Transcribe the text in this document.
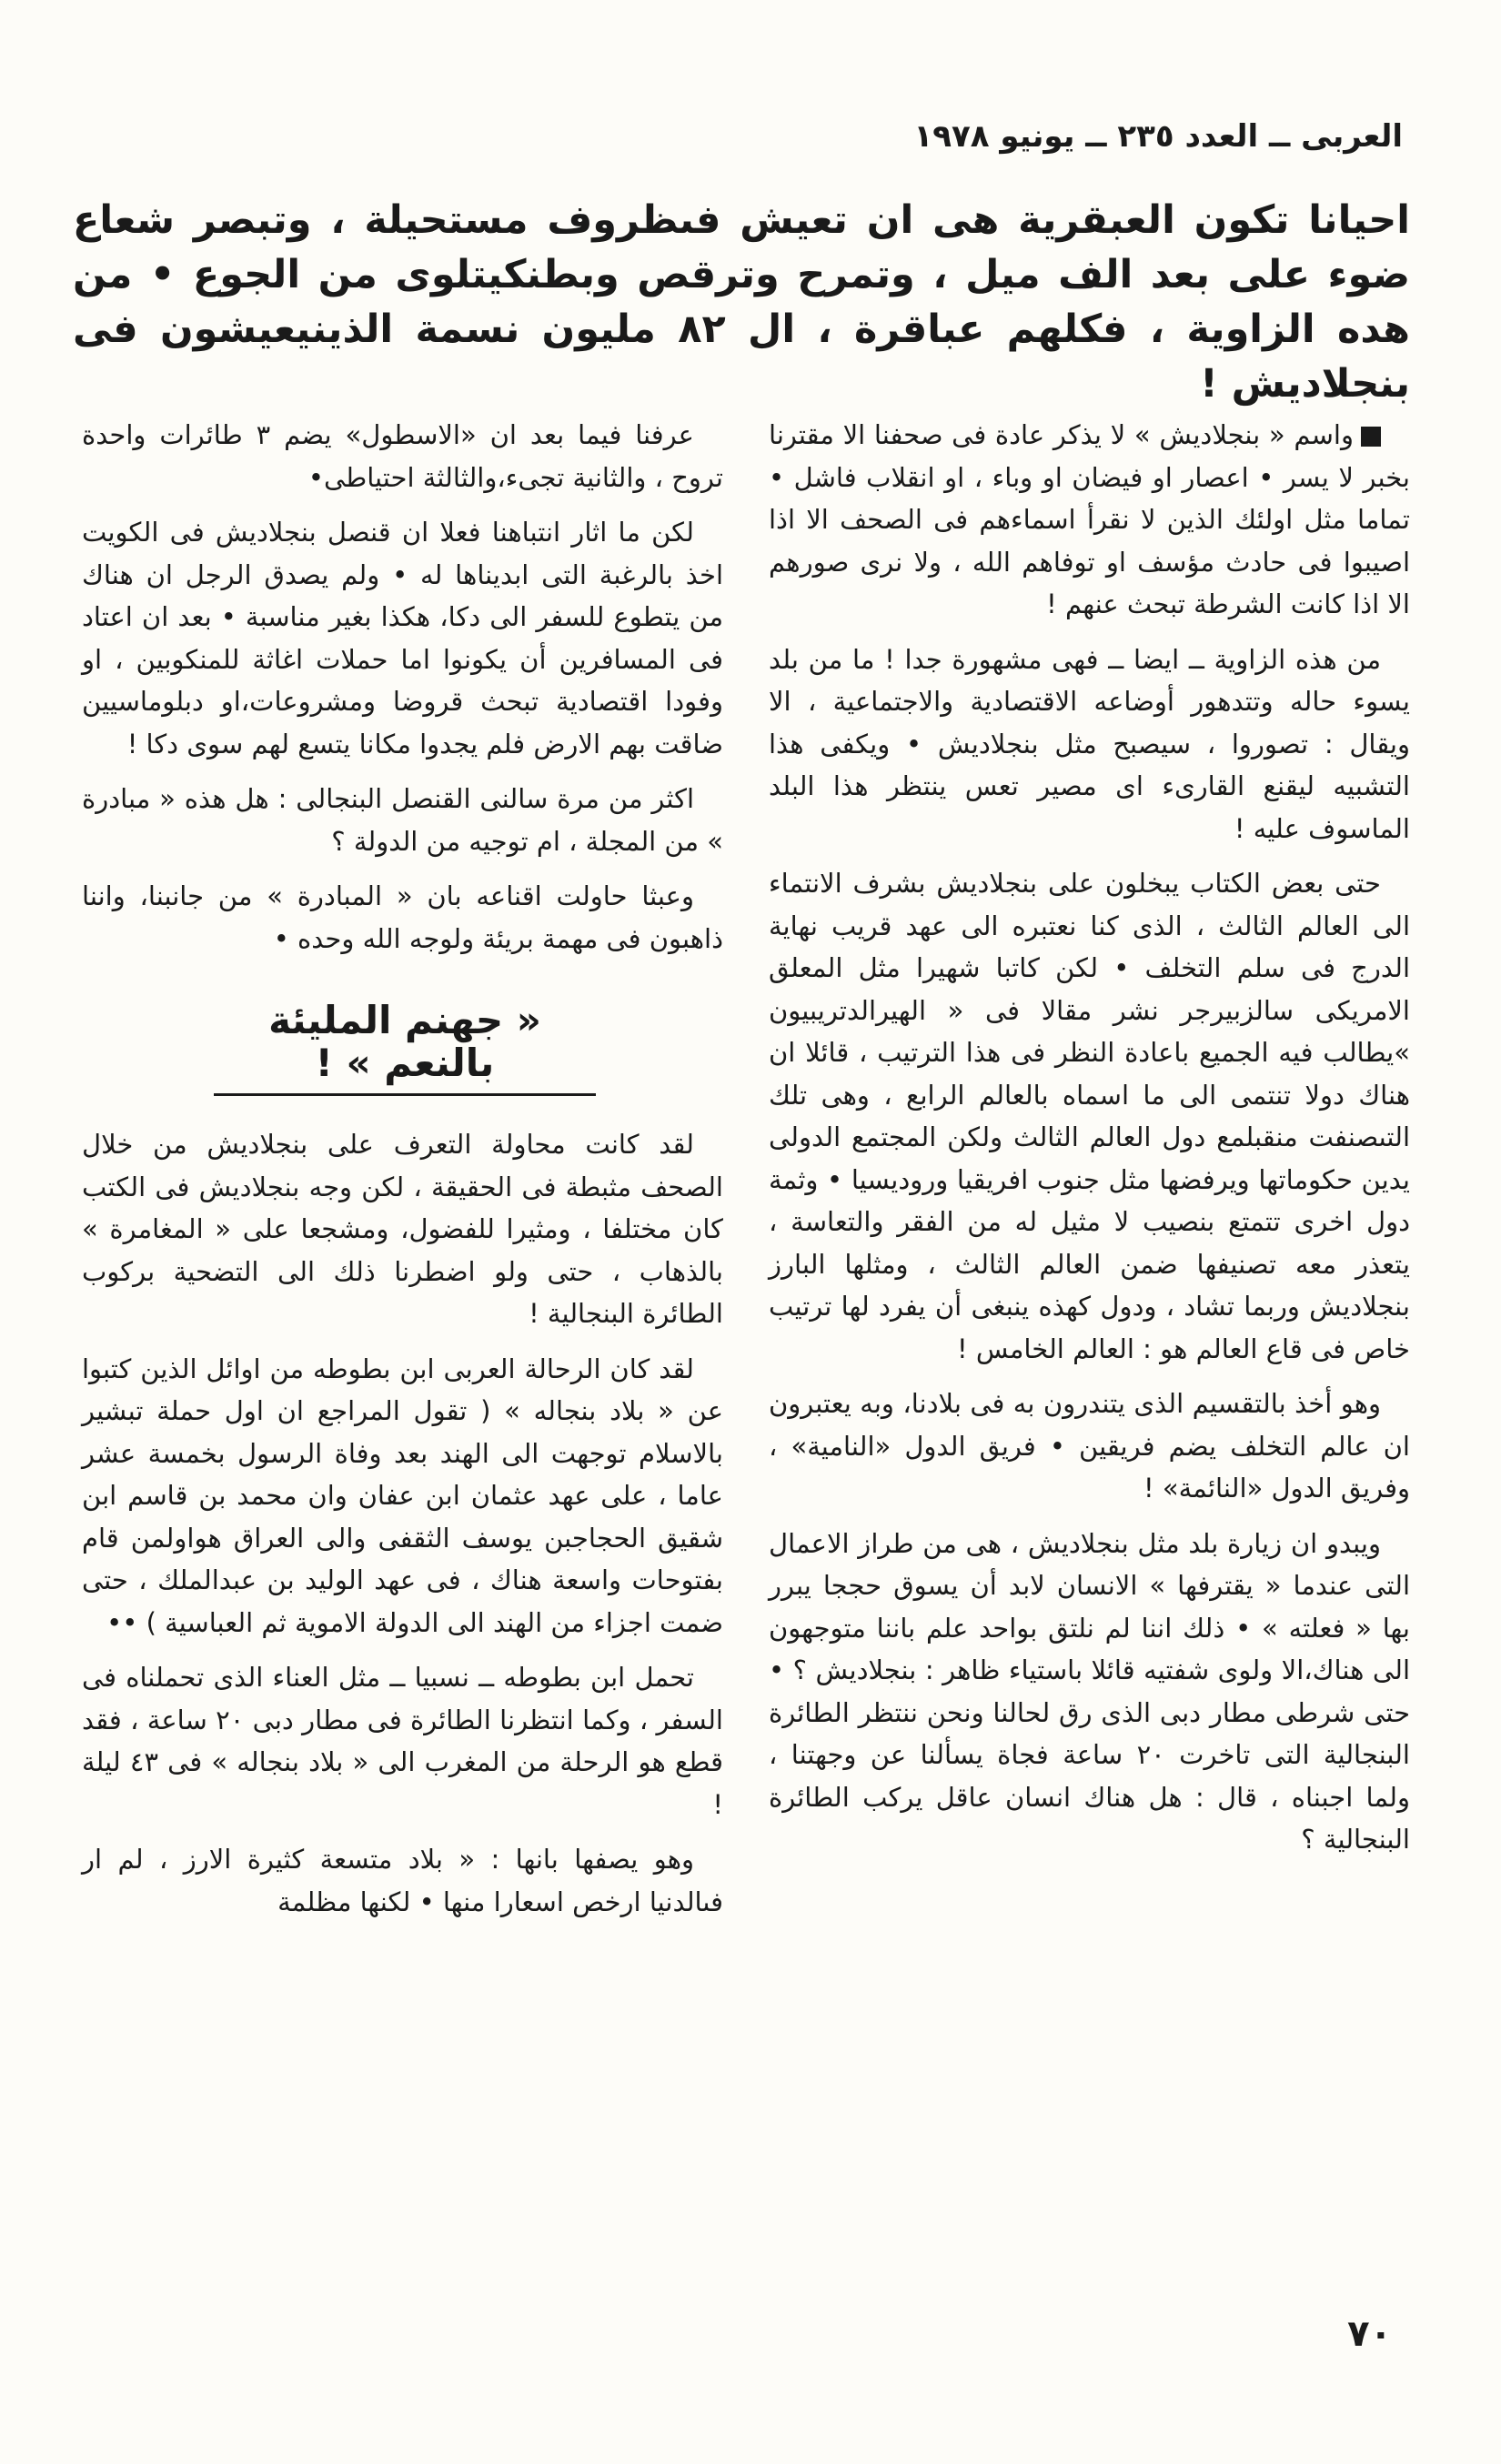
العربى ــ العدد ٢٣٥ ــ يونيو ١٩٧٨
احيانا تكون العبقرية هى ان تعيش فىظروف مستحيلة ، وتبصر شعاع ضوء على بعد الف ميل ، وتمرح وترقص وبطنكيتلوى من الجوع • من هده الزاوية ، فكلهم عباقرة ، ال ٨٢ مليون نسمة الذينيعيشون فى بنجلاديش !

واسم « بنجلاديش » لا يذكر عادة فى صحفنا الا مقترنا بخبر لا يسر • اعصار او فيضان او وباء ، او انقلاب فاشل • تماما مثل اولئك الذين لا نقرأ اسماءهم فى الصحف الا اذا اصيبوا فى حادث مؤسف او توفاهم الله ، ولا نرى صورهم الا اذا كانت الشرطة تبحث عنهم !

من هذه الزاوية ــ ايضا ــ فهى مشهورة جدا ! ما من بلد يسوء حاله وتتدهور أوضاعه الاقتصادية والاجتماعية ، الا ويقال : تصوروا ، سيصبح مثل بنجلاديش • ويكفى هذا التشبيه ليقنع القارىء اى مصير تعس ينتظر هذا البلد الماسوف عليه !

حتى بعض الكتاب يبخلون على بنجلاديش بشرف الانتماء الى العالم الثالث ، الذى كنا نعتبره الى عهد قريب نهاية الدرج فى سلم التخلف • لكن كاتبا شهيرا مثل المعلق الامريكى سالزبيرجر نشر مقالا فى « الهيرالدتريبيون »يطالب فيه الجميع باعادة النظر فى هذا الترتيب ، قائلا ان هناك دولا تنتمى الى ما اسماه بالعالم الرابع ، وهى تلك التىصنفت منقبلمع دول العالم الثالث ولكن المجتمع الدولى يدين حكوماتها ويرفضها مثل جنوب افريقيا وروديسيا • وثمة دول اخرى تتمتع بنصيب لا مثيل له من الفقر والتعاسة ، يتعذر معه تصنيفها ضمن العالم الثالث ، ومثلها البارز بنجلاديش وربما تشاد ، ودول كهذه ينبغى أن يفرد لها ترتيب خاص فى قاع العالم هو : العالم الخامس !

وهو أخذ بالتقسيم الذى يتندرون به فى بلادنا، وبه يعتبرون ان عالم التخلف يضم فريقين • فريق الدول «النامية» ، وفريق الدول «النائمة» !

ويبدو ان زيارة بلد مثل بنجلاديش ، هى من طراز الاعمال التى عندما « يقترفها » الانسان لابد أن يسوق حججا يبرر بها « فعلته » • ذلك اننا لم نلتق بواحد علم باننا متوجهون الى هناك،الا ولوى شفتيه قائلا باستياء ظاهر : بنجلاديش ؟ • حتى شرطى مطار دبى الذى رق لحالنا ونحن ننتظر الطائرة البنجالية التى تاخرت ٢٠ ساعة فجاة يسألنا عن وجهتنا ، ولما اجبناه ، قال : هل هناك انسان عاقل يركب الطائرة البنجالية ؟

عرفنا فيما بعد ان «الاسطول» يضم ٣ طائرات واحدة تروح ، والثانية تجىء،والثالثة احتياطى•

لكن ما اثار انتباهنا فعلا ان قنصل بنجلاديش فى الكويت اخذ بالرغبة التى ابديناها له • ولم يصدق الرجل ان هناك من يتطوع للسفر الى دكا، هكذا بغير مناسبة • بعد ان اعتاد فى المسافرين أن يكونوا اما حملات اغاثة للمنكوبين ، او وفودا اقتصادية تبحث قروضا ومشروعات،او دبلوماسيين ضاقت بهم الارض فلم يجدوا مكانا يتسع لهم سوى دكا !

اكثر من مرة سالنى القنصل البنجالى : هل هذه « مبادرة » من المجلة ، ام توجيه من الدولة ؟

وعبثا حاولت اقناعه بان « المبادرة » من جانبنا، واننا ذاهبون فى مهمة بريئة ولوجه الله وحده •

« جهنم المليئة بالنعم » !

لقد كانت محاولة التعرف على بنجلاديش من خلال الصحف مثبطة فى الحقيقة ، لكن وجه بنجلاديش فى الكتب كان مختلفا ، ومثيرا للفضول، ومشجعا على « المغامرة » بالذهاب ، حتى ولو اضطرنا ذلك الى التضحية بركوب الطائرة البنجالية !

لقد كان الرحالة العربى ابن بطوطه من اوائل الذين كتبوا عن « بلاد بنجاله » ( تقول المراجع ان اول حملة تبشير بالاسلام توجهت الى الهند بعد وفاة الرسول بخمسة عشر عاما ، على عهد عثمان ابن عفان وان محمد بن قاسم ابن شقيق الحجاجبن يوسف الثقفى والى العراق هواولمن قام بفتوحات واسعة هناك ، فى عهد الوليد بن عبدالملك ، حتى ضمت اجزاء من الهند الى الدولة الاموية ثم العباسية ) ••

تحمل ابن بطوطه ــ نسبيا ــ مثل العناء الذى تحملناه فى السفر ، وكما انتظرنا الطائرة فى مطار دبى ٢٠ ساعة ، فقد قطع هو الرحلة من المغرب الى « بلاد بنجاله » فى ٤٣ ليلة !

وهو يصفها بانها : « بلاد متسعة كثيرة الارز ، لم ار فىالدنيا ارخص اسعارا منها • لكنها مظلمة

٧٠
